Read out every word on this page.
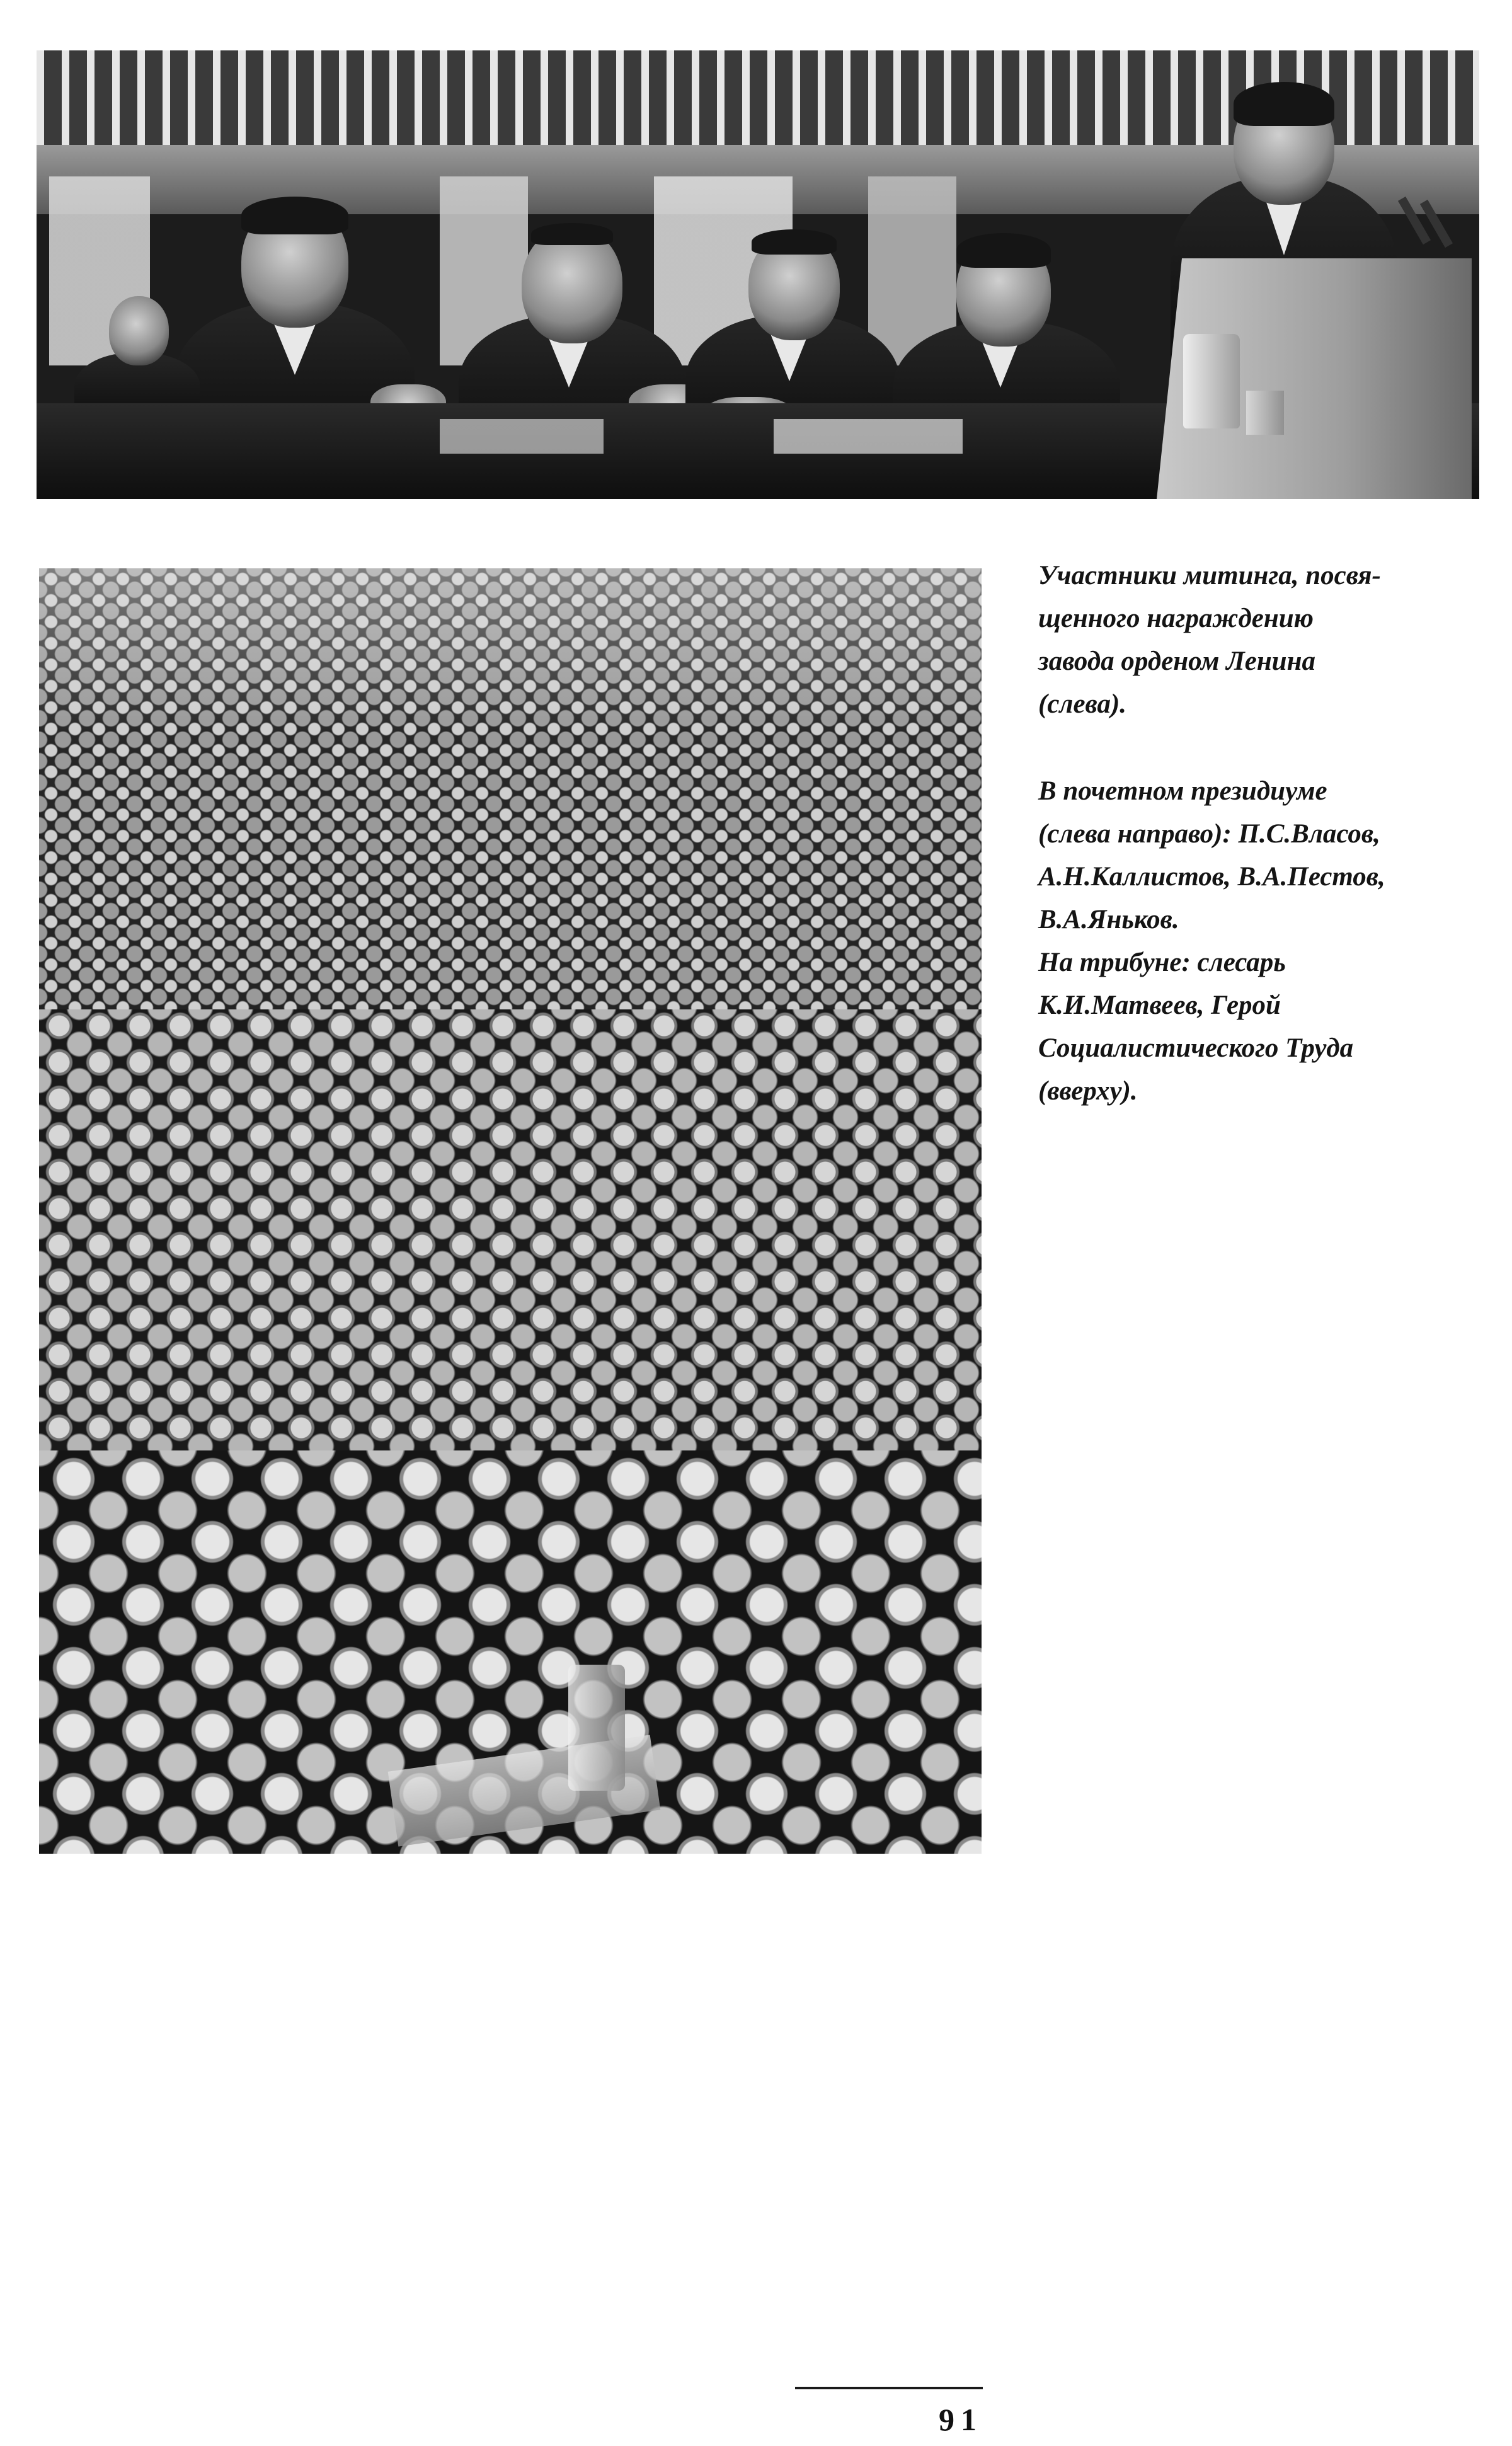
Участники митинга, посвя-
щенного награждению
завода орденом Ленина
(слева).

В почетном президиуме
(слева направо): П.С.Власов,
А.Н.Каллистов, В.А.Пестов,
В.А.Яньков.
На трибуне: слесарь
К.И.Матвеев, Герой
Социалистического Труда
(вверху).

91
